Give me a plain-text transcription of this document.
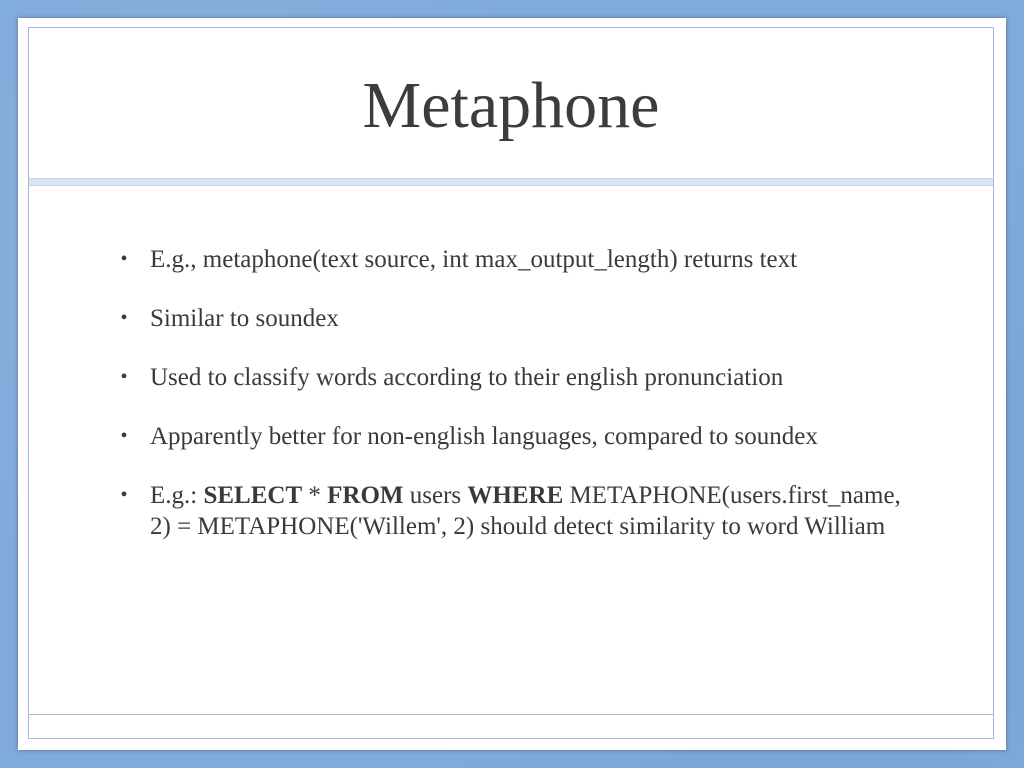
Metaphone
• E.g., metaphone(text source, int max_output_length) returns text
• Similar to soundex
• Used to classify words according to their english pronunciation
• Apparently better for non-english languages, compared to soundex
• E.g.: SELECT * FROM users WHERE METAPHONE(users.first_name, 2) = METAPHONE('Willem', 2) should detect similarity to word William
